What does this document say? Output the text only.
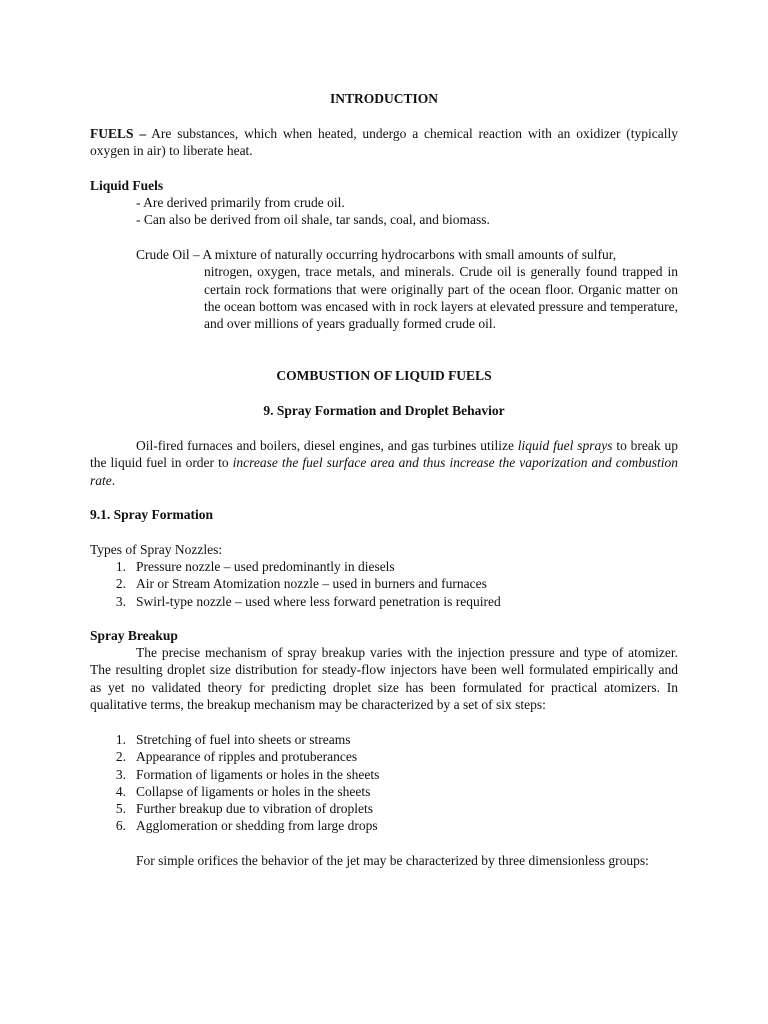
INTRODUCTION

FUELS – Are substances, which when heated, undergo a chemical reaction with an oxidizer (typically oxygen in air) to liberate heat.

Liquid Fuels

- Are derived primarily from crude oil.
- Can also be derived from oil shale, tar sands, coal, and biomass.

Crude Oil – A mixture of naturally occurring hydrocarbons with small amounts of sulfur,
nitrogen, oxygen, trace metals, and minerals. Crude oil is generally found trapped in certain rock formations that were originally part of the ocean floor. Organic matter on the ocean bottom was encased with in rock layers at elevated pressure and temperature, and over millions of years gradually formed crude oil.

COMBUSTION OF LIQUID FUELS

9. Spray Formation and Droplet Behavior

Oil-fired furnaces and boilers, diesel engines, and gas turbines utilize liquid fuel sprays to break up the liquid fuel in order to increase the fuel surface area and thus increase the vaporization and combustion rate.

9.1. Spray Formation

Types of Spray Nozzles:

1. Pressure nozzle – used predominantly in diesels
2. Air or Stream Atomization nozzle – used in burners and furnaces
3. Swirl-type nozzle – used where less forward penetration is required

Spray Breakup

The precise mechanism of spray breakup varies with the injection pressure and type of atomizer. The resulting droplet size distribution for steady-flow injectors have been well formulated empirically and as yet no validated theory for predicting droplet size has been formulated for practical atomizers. In qualitative terms, the breakup mechanism may be characterized by a set of six steps:

1. Stretching of fuel into sheets or streams
2. Appearance of ripples and protuberances
3. Formation of ligaments or holes in the sheets
4. Collapse of ligaments or holes in the sheets
5. Further breakup due to vibration of droplets
6. Agglomeration or shedding from large drops

For simple orifices the behavior of the jet may be characterized by three dimensionless groups:
